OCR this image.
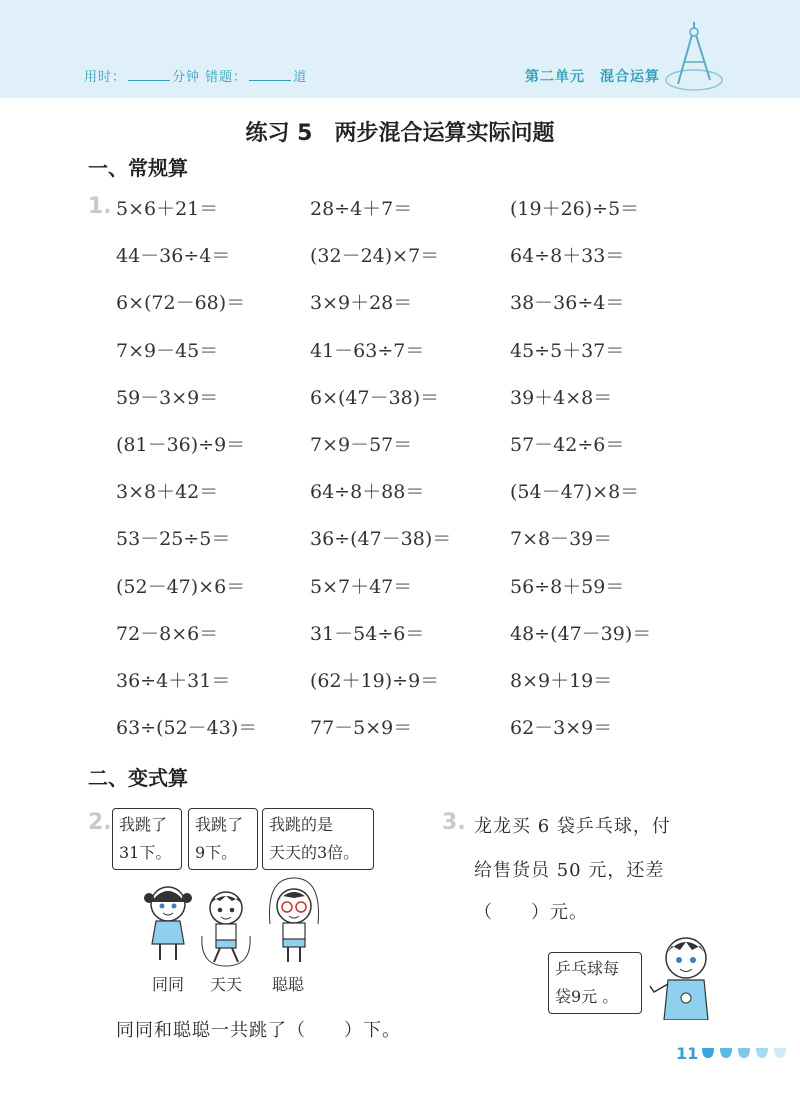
用时：	分钟 错题：	道	第二单元　混合运算
练习 5　两步混合运算实际问题
一、常规算
1. 5×6＋21＝	28÷4＋7＝	(19＋26)÷5＝
44－36÷4＝	(32－24)×7＝	64÷8＋33＝
6×(72－68)＝	3×9＋28＝	38－36÷4＝
7×9－45＝	41－63÷7＝	45÷5＋37＝
59－3×9＝	6×(47－38)＝	39＋4×8＝
(81－36)÷9＝	7×9－57＝	57－42÷6＝
3×8＋42＝	64÷8＋88＝	(54－47)×8＝
53－25÷5＝	36÷(47－38)＝	7×8－39＝
(52－47)×6＝	5×7＋47＝	56÷8＋59＝
72－8×6＝	31－54÷6＝	48÷(47－39)＝
36÷4＋31＝	(62＋19)÷9＝	8×9＋19＝
63÷(52－43)＝	77－5×9＝	62－3×9＝
二、变式算
2. 我跳了
31下。
我跳了
9下。
我跳的是
天天的3倍。
同同 天天 聪聪
同同和聪聪一共跳了（　　）下。
3. 龙龙买 6 袋乒乓球，付
给售货员 50 元，还差
（　　）元。
乒乓球每
袋9元 。
11
